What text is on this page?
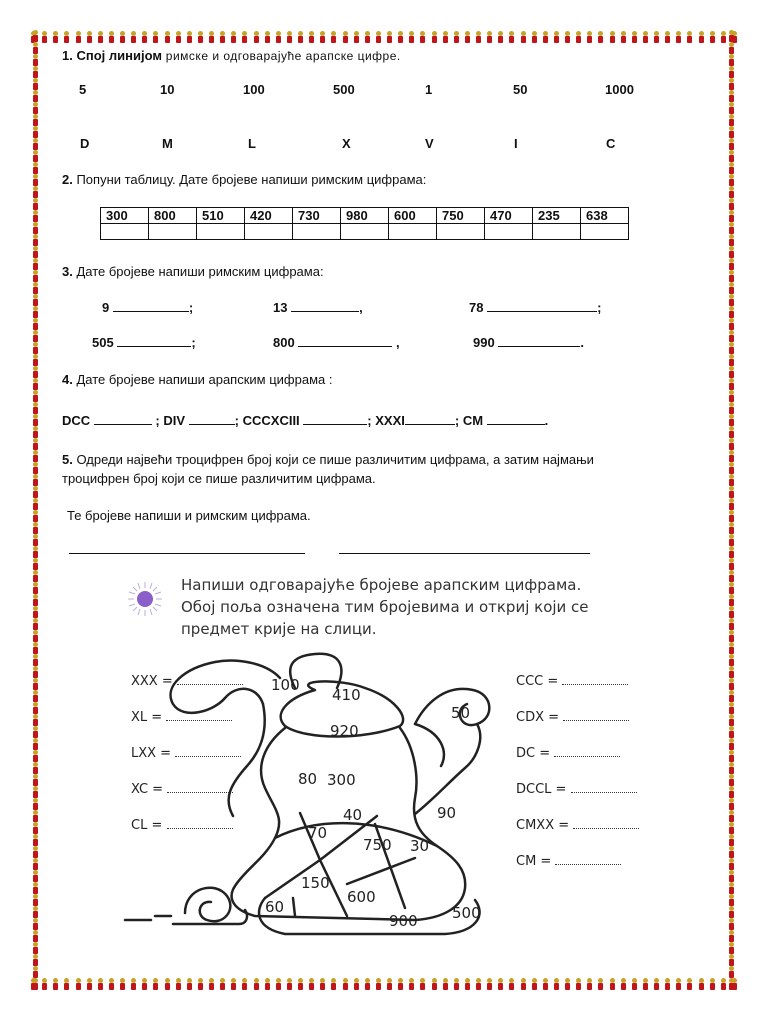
1. Спој линијом римске и одговарајуће арапске цифре.
5	10	100	500	1	50	1000
D	M	L	X	V	I	C
2. Попуни таблицу. Дате бројеве напиши римским цифрама:
300	800	510	420	730	980	600	750	470	235	638

3. Дате бројеве напиши римским цифрама:
9	;	13	,	78	;
505	;	800	,	990	.
4. Дате бројеве напиши арапским цифрама :
DCC	; DIV	; CCCXCIII	; XXXI	; CM	.
5. Одреди највећи троцифрен број који се пише различитим цифрама, а затим најмањи
троцифрен број који се пише различитим цифрама.
Те бројеве напиши и римским цифрама.
Напиши одговарајуће бројеве арапским цифрама.
Обој поља означена тим бројевима и откриј који се
предмет крије на слици.
XXX =
XL =
LXX =
XC =
CL =
CCC =
CDX =
DC =
DCCL =
CMXX =
CM =
100
410
920
50
80 300
40	90
70
750 30
150
600
60
900 500
